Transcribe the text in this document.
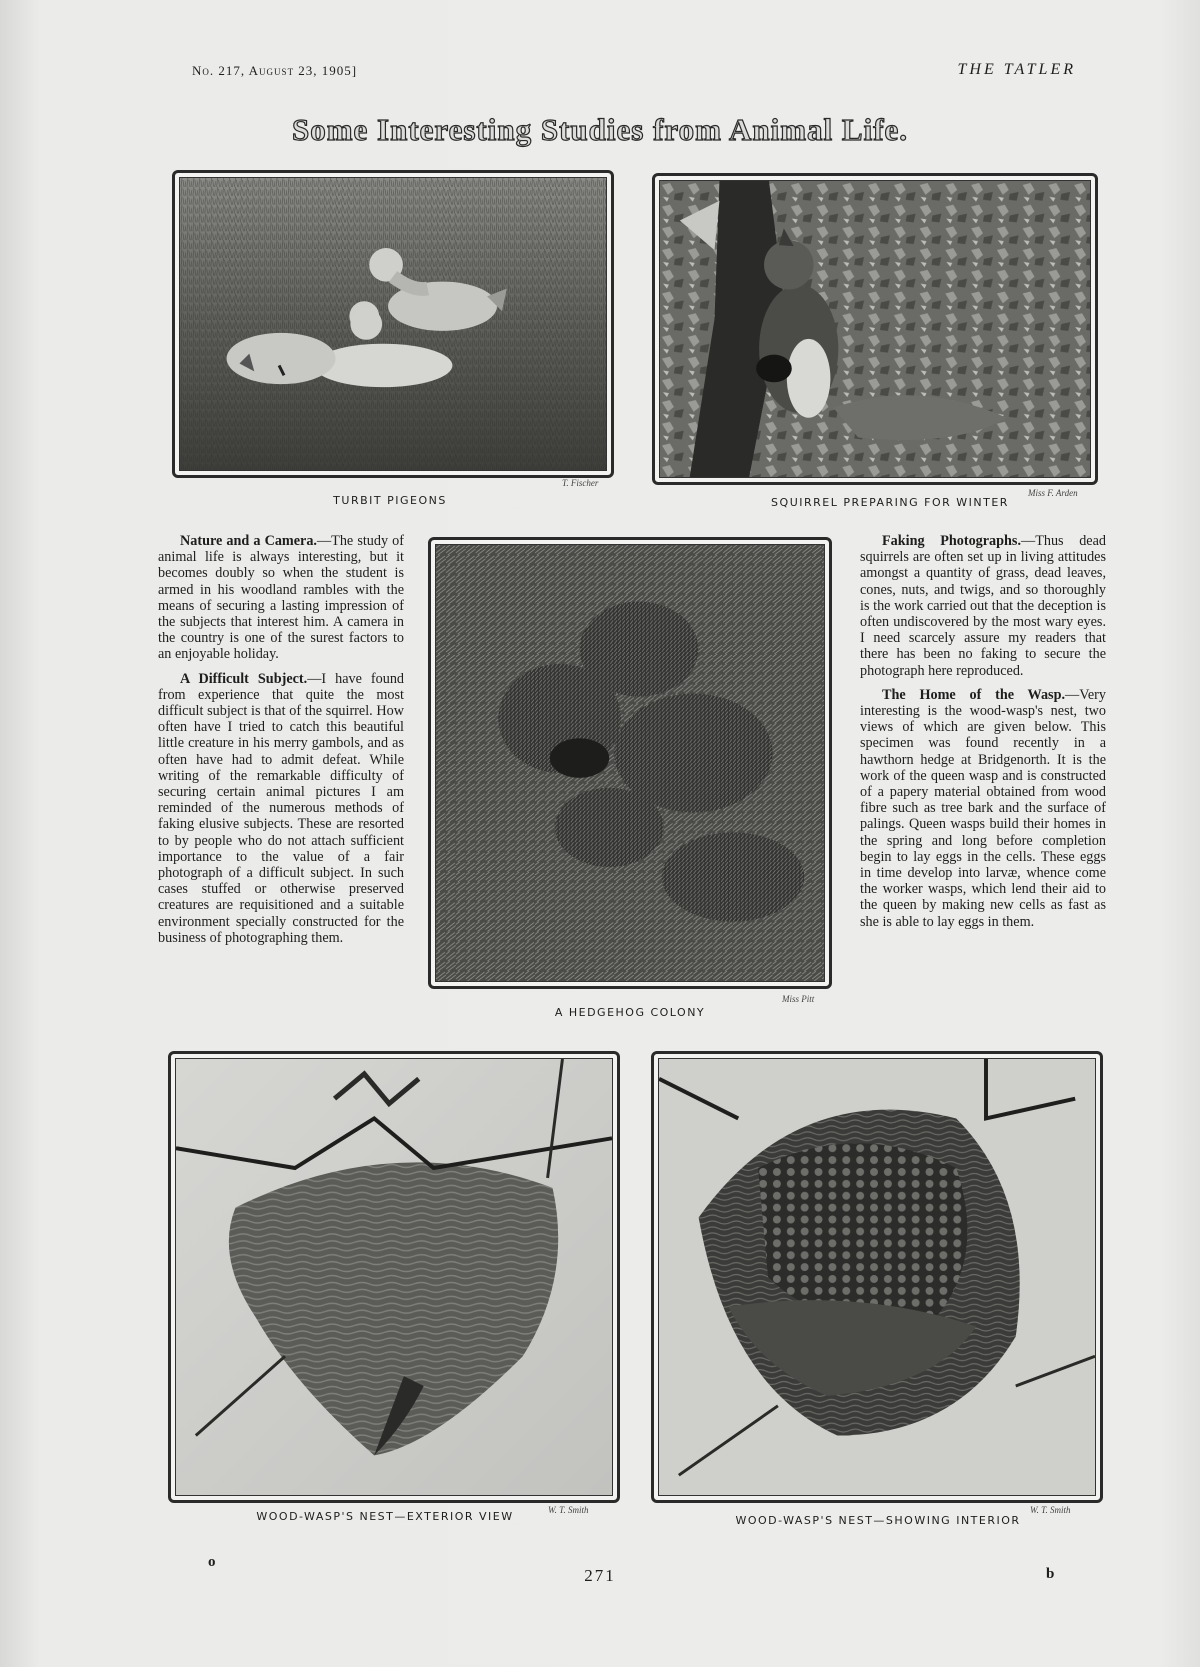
No. 217, August 23, 1905]	THE TATLER
Some Interesting Studies from Animal Life.
T. Fischer
TURBIT PIGEONS
Miss F. Arden
SQUIRREL PREPARING FOR WINTER

Nature and a Camera.—The study of animal life is always interesting, but it becomes doubly so when the student is armed in his woodland rambles with the means of securing a lasting impression of the subjects that interest him. A camera in the country is one of the surest factors to an enjoyable holiday.

A Difficult Subject.—I have found from experience that quite the most difficult subject is that of the squirrel. How often have I tried to catch this beautiful little creature in his merry gambols, and as often have had to admit defeat. While writing of the remarkable difficulty of securing certain animal pictures I am reminded of the numerous methods of faking elusive subjects. These are resorted to by people who do not attach sufficient importance to the value of a fair photograph of a difficult subject. In such cases stuffed or otherwise preserved creatures are requisitioned and a suitable environment specially constructed for the business of photographing them.

Miss Pitt
A HEDGEHOG COLONY

Faking Photographs.—Thus dead squirrels are often set up in living attitudes amongst a quantity of grass, dead leaves, cones, nuts, and twigs, and so thoroughly is the work carried out that the deception is often undiscovered by the most wary eyes. I need scarcely assure my readers that there has been no faking to secure the photograph here reproduced.

The Home of the Wasp.—Very interesting is the wood-wasp's nest, two views of which are given below. This specimen was found recently in a hawthorn hedge at Bridgenorth. It is the work of the queen wasp and is constructed of a papery material obtained from wood fibre such as tree bark and the surface of palings. Queen wasps build their homes in the spring and long before completion begin to lay eggs in the cells. These eggs in time develop into larvæ, whence come the worker wasps, which lend their aid to the queen by making new cells as fast as she is able to lay eggs in them.

W. T. Smith
WOOD-WASP'S NEST—EXTERIOR VIEW	W. T. Smith
WOOD-WASP'S NEST—SHOWING INTERIOR
o
271	b
